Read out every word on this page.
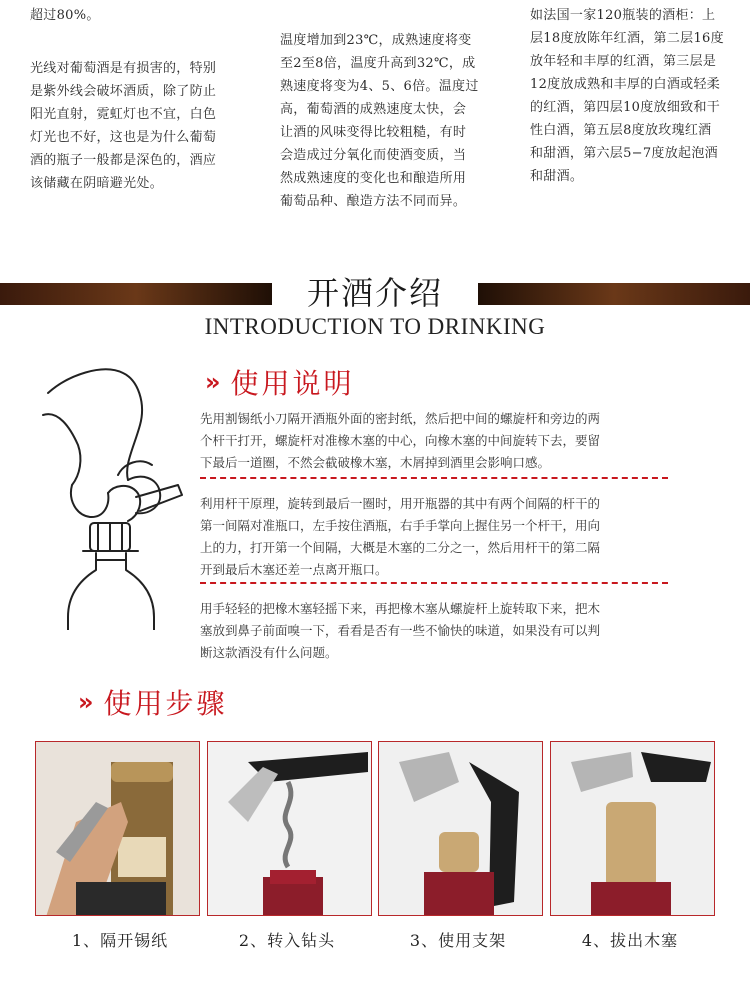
超过80%。

光线对葡萄酒是有损害的，特别

是紫外线会破坏酒质，除了防止

阳光直射，霓虹灯也不宜，白色

灯光也不好，这也是为什么葡萄

酒的瓶子一般都是深色的，酒应

该储藏在阴暗避光处。

温度增加到23℃，成熟速度将变

至2至8倍，温度升高到32℃，成

熟速度将变为4、5、6倍。温度过

高，葡萄酒的成熟速度太快，会

让酒的风味变得比较粗糙，有时

会造成过分氧化而使酒变质，当

然成熟速度的变化也和酿造所用

葡萄品种、酿造方法不同而异。

如法国一家120瓶装的酒柜：上

层18度放陈年红酒，第二层16度

放年轻和丰厚的红酒，第三层是

12度放成熟和丰厚的白酒或轻柔

的红酒，第四层10度放细致和干

性白酒，第五层8度放玫瑰红酒

和甜酒，第六层5−7度放起泡酒

和甜酒。

开酒介绍
INTRODUCTION TO DRINKING
» 使用说明

先用割锡纸小刀隔开酒瓶外面的密封纸，然后把中间的螺旋杆和旁边的两

个杆干打开，螺旋杆对准橡木塞的中心，向橡木塞的中间旋转下去，要留

下最后一道圈，不然会截破橡木塞，木屑掉到酒里会影响口感。

利用杆干原理，旋转到最后一圈时，用开瓶器的其中有两个间隔的杆干的

第一间隔对准瓶口，左手按住酒瓶，右手手掌向上握住另一个杆干，用向

上的力，打开第一个间隔，大概是木塞的二分之一，然后用杆干的第二隔

开到最后木塞还差一点离开瓶口。

用手轻轻的把橡木塞轻摇下来，再把橡木塞从螺旋杆上旋转取下来，把木

塞放到鼻子前面嗅一下，看看是否有一些不愉快的味道，如果没有可以判

断这款酒没有什么问题。

» 使用步骤
1、隔开锡纸	2、转入钻头	3、使用支架	4、拔出木塞
